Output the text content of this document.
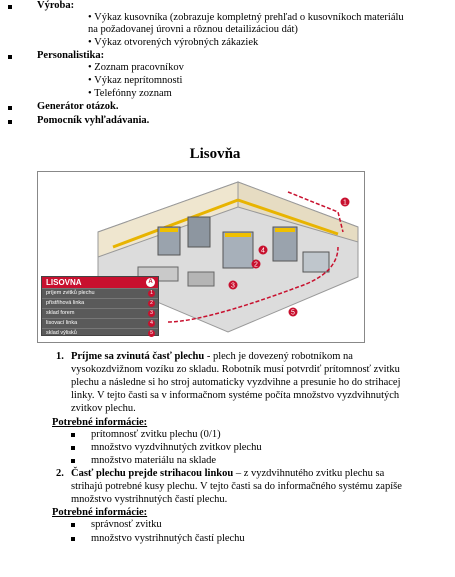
Výroba:
• Výkaz kusovníka (zobrazuje kompletný prehľad o kusovníkoch materiálu
na požadovanej úrovni a rôznou detailizáciou dát)
• Výkaz otvorených výrobných zákaziek
Personalistika:
• Zoznam pracovníkov
• Výkaz neprítomnosti
• Telefónny zoznam
Generátor otázok.
Pomocník vyhľadávania.
Lisovňa
1
2
3
4
5
LISOVNA	A
príjem zvitků plechu	1
přistřihová linka	2
sklad forem	3
lisovací linka	4
sklad výlisků	5
1. Príjme sa zvinutá časť plechu - plech je dovezený robotníkom na
vysokozdvižnom vozíku zo skladu. Robotník musí potvrdiť prítomnosť zvitku
plechu a následne si ho stroj automaticky vyzdvihne a presunie ho do strihacej
linky. V tejto časti sa v informačnom systéme počíta množstvo vyzdvihnutých
zvitkov plechu.
Potrebné informácie:
prítomnosť zvitku plechu (0/1)
množstvo vyzdvihnutých zvitkov plechu
množstvo materiálu na sklade
2. Časť plechu prejde strihacou linkou – z vyzdvihnutého zvitku plechu sa
strihajú potrebné kusy plechu. V tejto časti sa do informačného systému zapíše
množstvo vystrihnutých častí plechu.
Potrebné informácie:
správnosť zvitku
množstvo vystrihnutých častí plechu
